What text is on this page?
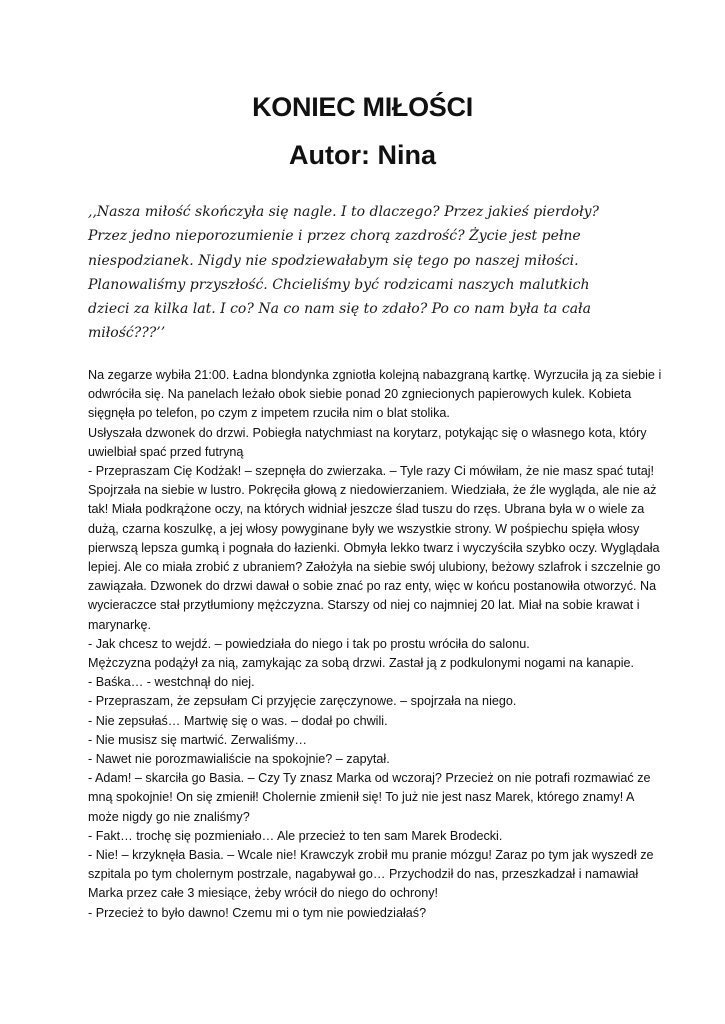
KONIEC MIŁOŚCI
Autor: Nina
,,Nasza miłość skończyła się nagle. I to dlaczego? Przez jakieś pierdoły?
Przez jedno nieporozumienie i przez chorą zazdrość? Życie jest pełne
niespodzianek. Nigdy nie spodziewałabym się tego po naszej miłości.
Planowaliśmy przyszłość. Chcieliśmy być rodzicami naszych malutkich
dzieci za kilka lat. I co? Na co nam się to zdało? Po co nam była ta cała
miłość???’’
Na zegarze wybiła 21:00. Ładna blondynka zgniotła kolejną nabazgraną kartkę. Wyrzuciła ją za siebie i
odwróciła się. Na panelach leżało obok siebie ponad 20 zgniecionych papierowych kulek. Kobieta
sięgnęła po telefon, po czym z impetem rzuciła nim o blat stolika.
Usłyszała dzwonek do drzwi. Pobiegła natychmiast na korytarz, potykając się o własnego kota, który
uwielbiał spać przed futryną
- Przepraszam Cię Kodżak! – szepnęła do zwierzaka. – Tyle razy Ci mówiłam, że nie masz spać tutaj!
Spojrzała na siebie w lustro. Pokręciła głową z niedowierzaniem. Wiedziała, że źle wygląda, ale nie aż
tak! Miała podkrążone oczy, na których widniał jeszcze ślad tuszu do rzęs. Ubrana była w o wiele za
dużą, czarna koszulkę, a jej włosy powyginane były we wszystkie strony. W pośpiechu spięła włosy
pierwszą lepsza gumką i pognała do łazienki. Obmyła lekko twarz i wyczyściła szybko oczy. Wyglądała
lepiej. Ale co miała zrobić z ubraniem? Założyła na siebie swój ulubiony, beżowy szlafrok i szczelnie go
zawiązała. Dzwonek do drzwi dawał o sobie znać po raz enty, więc w końcu postanowiła otworzyć. Na
wycieraczce stał przytłumiony mężczyzna. Starszy od niej co najmniej 20 lat. Miał na sobie krawat i
marynarkę.
- Jak chcesz to wejdź. – powiedziała do niego i tak po prostu wróciła do salonu.
Mężczyzna podążył za nią, zamykając za sobą drzwi. Zastał ją z podkulonymi nogami na kanapie.
- Baśka… - westchnął do niej.
- Przepraszam, że zepsułam Ci przyjęcie zaręczynowe. – spojrzała na niego.
- Nie zepsułaś… Martwię się o was. – dodał po chwili.
- Nie musisz się martwić. Zerwaliśmy…
- Nawet nie porozmawialiście na spokojnie? – zapytał.
- Adam! – skarciła go Basia. – Czy Ty znasz Marka od wczoraj? Przecież on nie potrafi rozmawiać ze
mną spokojnie! On się zmienił! Cholernie zmienił się! To już nie jest nasz Marek, którego znamy! A
może nigdy go nie znaliśmy?
- Fakt… trochę się pozmieniało… Ale przecież to ten sam Marek Brodecki.
- Nie! – krzyknęła Basia. – Wcale nie! Krawczyk zrobił mu pranie mózgu! Zaraz po tym jak wyszedł ze
szpitala po tym cholernym postrzale, nagabywał go… Przychodził do nas, przeszkadzał i namawiał
Marka przez całe 3 miesiące, żeby wrócił do niego do ochrony!
- Przecież to było dawno! Czemu mi o tym nie powiedziałaś?
